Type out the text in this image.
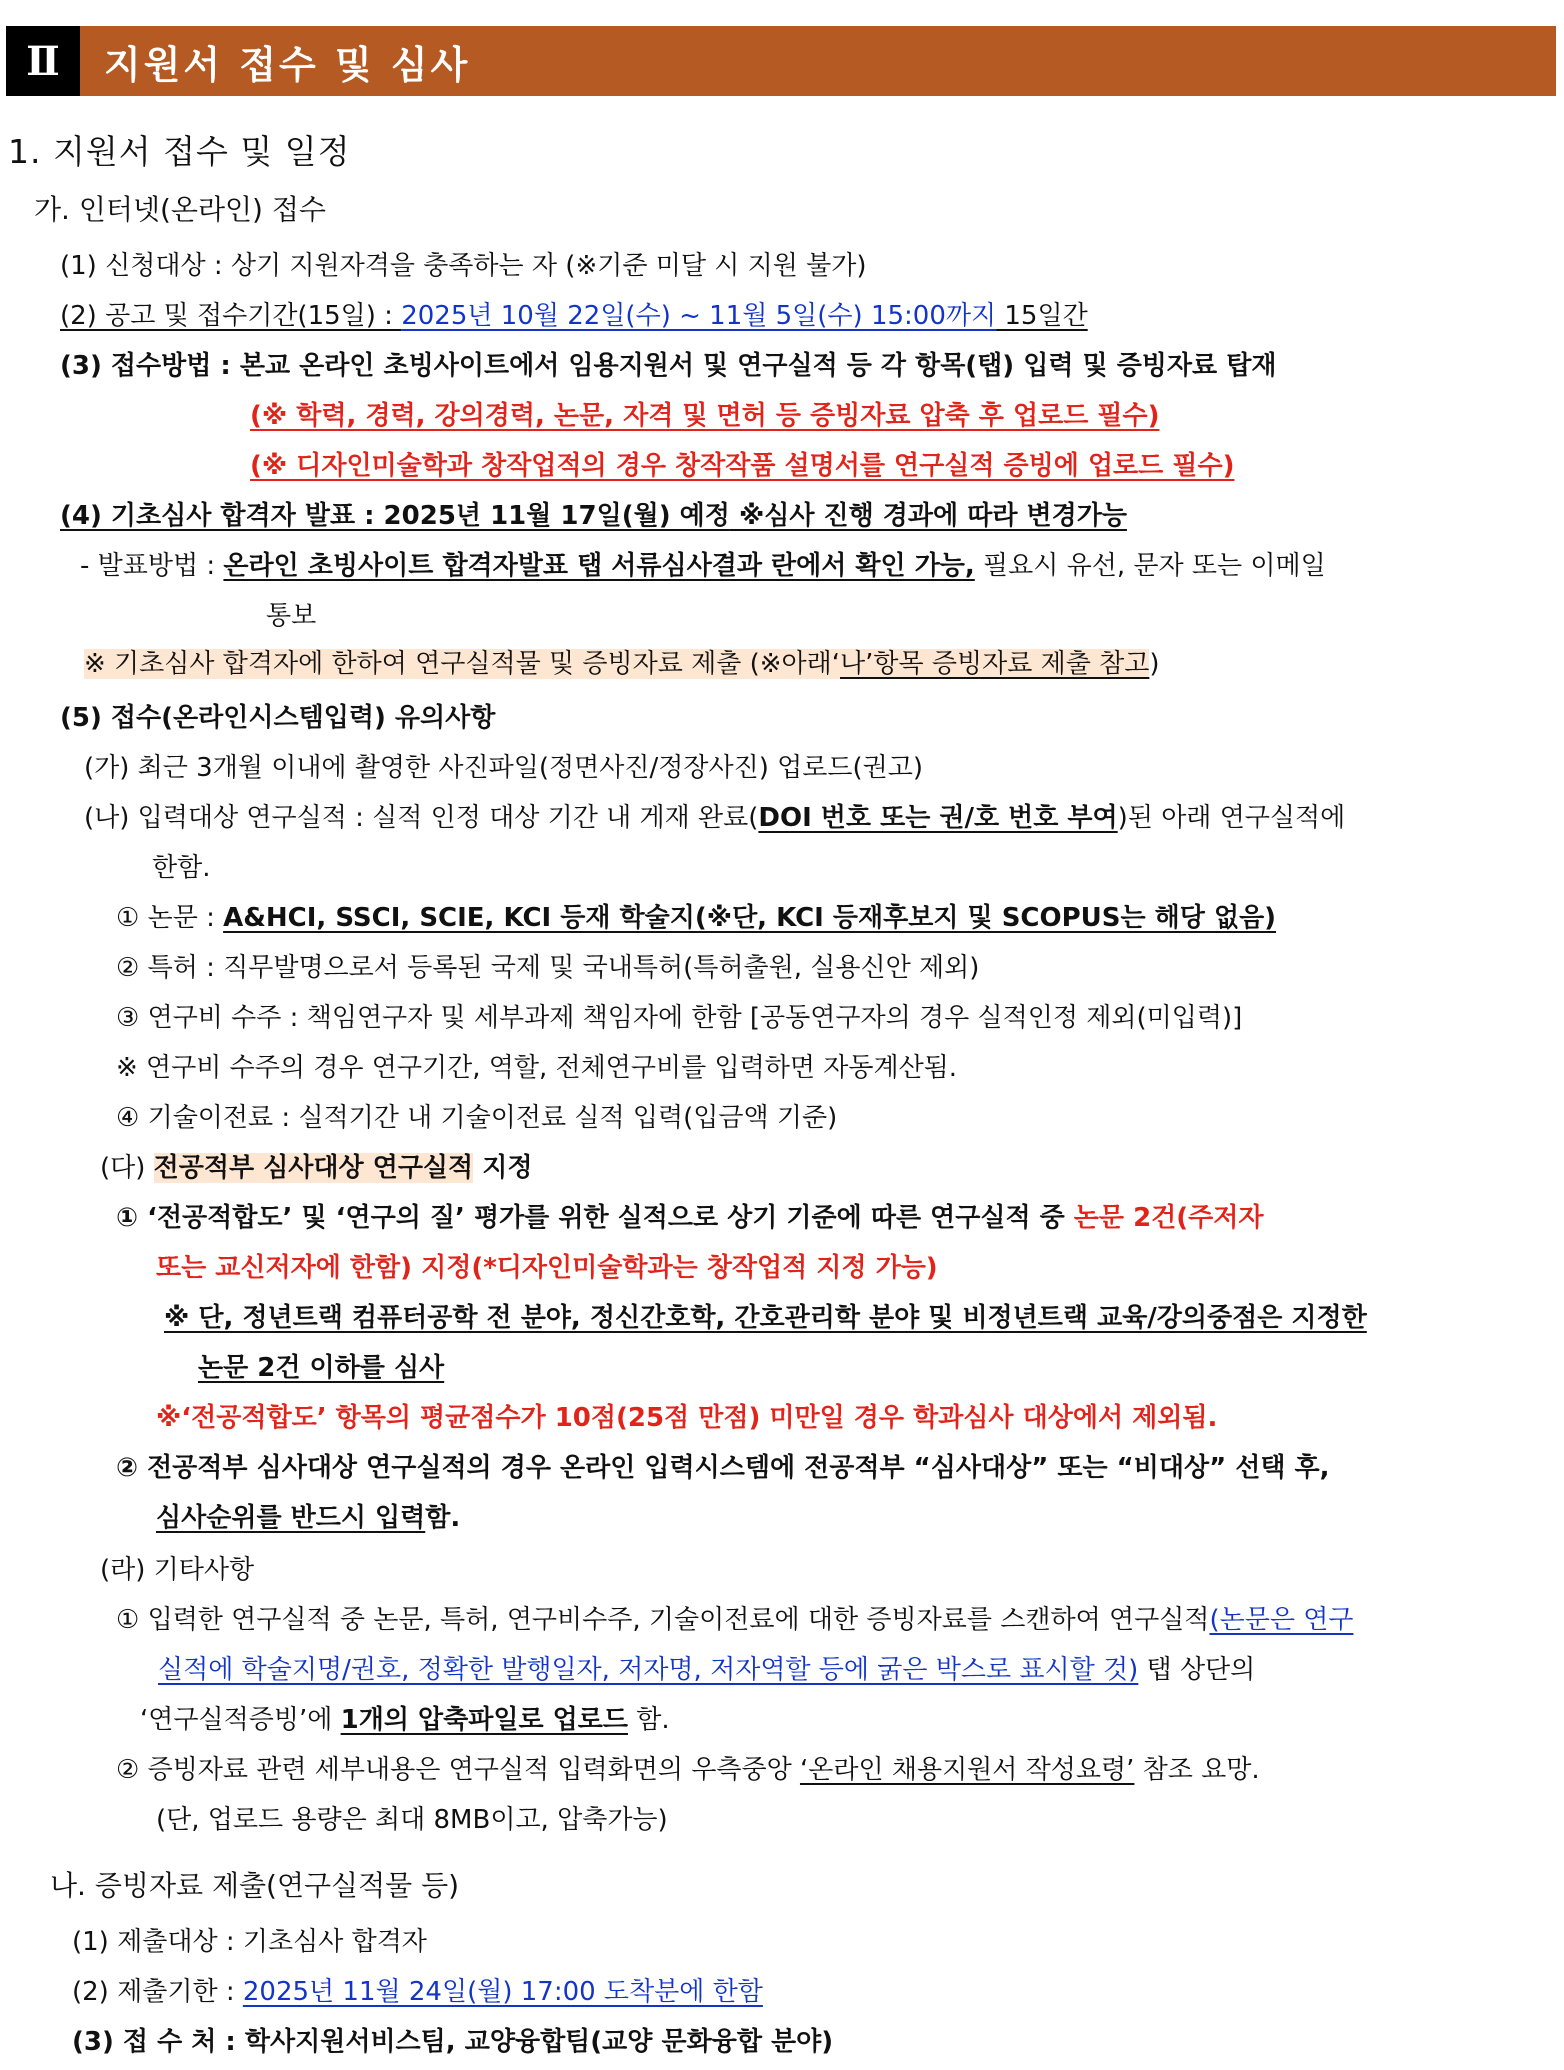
Ⅱ	지원서 접수 및 심사
1. 지원서 접수 및 일정
가. 인터넷(온라인) 접수
(1) 신청대상 : 상기 지원자격을 충족하는 자 (※기준 미달 시 지원 불가)
(2) 공고 및 접수기간(15일) : 2025년 10월 22일(수) ~ 11월 5일(수) 15:00까지 15일간
(3) 접수방법 : 본교 온라인 초빙사이트에서 임용지원서 및 연구실적 등 각 항목(탭) 입력 및 증빙자료 탑재
(※ 학력, 경력, 강의경력, 논문, 자격 및 면허 등 증빙자료 압축 후 업로드 필수)
(※ 디자인미술학과 창작업적의 경우 창작작품 설명서를 연구실적 증빙에 업로드 필수)
(4) 기초심사 합격자 발표 : 2025년 11월 17일(월) 예정 ※심사 진행 경과에 따라 변경가능
- 발표방법 : 온라인 초빙사이트 합격자발표 탭 서류심사결과 란에서 확인 가능, 필요시 유선, 문자 또는 이메일
통보
※ 기초심사 합격자에 한하여 연구실적물 및 증빙자료 제출 (※아래‘나’항목 증빙자료 제출 참고)
(5) 접수(온라인시스템입력) 유의사항
(가) 최근 3개월 이내에 촬영한 사진파일(정면사진/정장사진) 업로드(권고)
(나) 입력대상 연구실적 : 실적 인정 대상 기간 내 게재 완료(DOI 번호 또는 권/호 번호 부여)된 아래 연구실적에
한함.
① 논문 : A&HCI, SSCI, SCIE, KCI 등재 학술지(※단, KCI 등재후보지 및 SCOPUS는 해당 없음)
② 특허 : 직무발명으로서 등록된 국제 및 국내특허(특허출원, 실용신안 제외)
③ 연구비 수주 : 책임연구자 및 세부과제 책임자에 한함 [공동연구자의 경우 실적인정 제외(미입력)]
※ 연구비 수주의 경우 연구기간, 역할, 전체연구비를 입력하면 자동계산됨.
④ 기술이전료 : 실적기간 내 기술이전료 실적 입력(입금액 기준)
(다) 전공적부 심사대상 연구실적 지정
① ‘전공적합도’ 및 ‘연구의 질’ 평가를 위한 실적으로 상기 기준에 따른 연구실적 중 논문 2건(주저자
또는 교신저자에 한함) 지정(*디자인미술학과는 창작업적 지정 가능)
※ 단, 정년트랙 컴퓨터공학 전 분야, 정신간호학, 간호관리학 분야 및 비정년트랙 교육/강의중점은 지정한
논문 2건 이하를 심사
※‘전공적합도’ 항목의 평균점수가 10점(25점 만점) 미만일 경우 학과심사 대상에서 제외됨.
② 전공적부 심사대상 연구실적의 경우 온라인 입력시스템에 전공적부 “심사대상” 또는 “비대상” 선택 후,
심사순위를 반드시 입력함.
(라) 기타사항
① 입력한 연구실적 중 논문, 특허, 연구비수주, 기술이전료에 대한 증빙자료를 스캔하여 연구실적(논문은 연구
실적에 학술지명/권호, 정확한 발행일자, 저자명, 저자역할 등에 굵은 박스로 표시할 것) 탭 상단의
‘연구실적증빙’에 1개의 압축파일로 업로드 함.
② 증빙자료 관련 세부내용은 연구실적 입력화면의 우측중앙 ‘온라인 채용지원서 작성요령’ 참조 요망.
(단, 업로드 용량은 최대 8MB이고, 압축가능)
나. 증빙자료 제출(연구실적물 등)
(1) 제출대상 : 기초심사 합격자
(2) 제출기한 : 2025년 11월 24일(월) 17:00 도착분에 한함
(3) 접 수 처 : 학사지원서비스팀, 교양융합팀(교양 문화융합 분야)
